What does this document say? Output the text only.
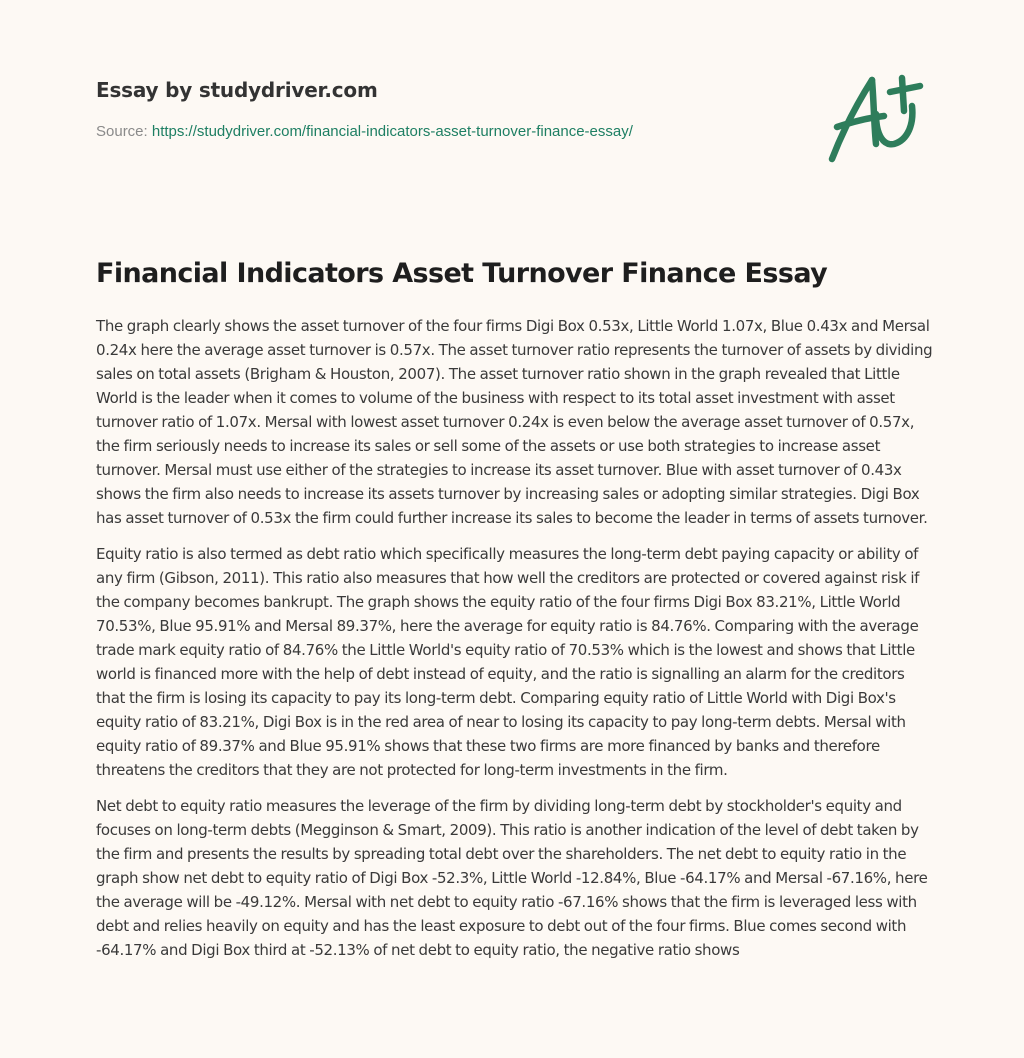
Essay by studydriver.com
Source: https://studydriver.com/financial-indicators-asset-turnover-finance-essay/
Financial Indicators Asset Turnover Finance Essay

The graph clearly shows the asset turnover of the four firms Digi Box 0.53x, Little World 1.07x, Blue 0.43x and Mersal 0.24x here the average asset turnover is 0.57x. The asset turnover ratio represents the turnover of assets by dividing sales on total assets (Brigham & Houston, 2007). The asset turnover ratio shown in the graph revealed that Little World is the leader when it comes to volume of the business with respect to its total asset investment with asset turnover ratio of 1.07x. Mersal with lowest asset turnover 0.24x is even below the average asset turnover of 0.57x, the firm seriously needs to increase its sales or sell some of the assets or use both strategies to increase asset turnover. Mersal must use either of the strategies to increase its asset turnover. Blue with asset turnover of 0.43x shows the firm also needs to increase its assets turnover by increasing sales or adopting similar strategies. Digi Box has asset turnover of 0.53x the firm could further increase its sales to become the leader in terms of assets turnover.

Equity ratio is also termed as debt ratio which specifically measures the long-term debt paying capacity or ability of any firm (Gibson, 2011). This ratio also measures that how well the creditors are protected or covered against risk if the company becomes bankrupt. The graph shows the equity ratio of the four firms Digi Box 83.21%, Little World 70.53%, Blue 95.91% and Mersal 89.37%, here the average for equity ratio is 84.76%. Comparing with the average trade mark equity ratio of 84.76% the Little World's equity ratio of 70.53% which is the lowest and shows that Little world is financed more with the help of debt instead of equity, and the ratio is signalling an alarm for the creditors that the firm is losing its capacity to pay its long-term debt. Comparing equity ratio of Little World with Digi Box's equity ratio of 83.21%, Digi Box is in the red area of near to losing its capacity to pay long-term debts. Mersal with equity ratio of 89.37% and Blue 95.91% shows that these two firms are more financed by banks and therefore threatens the creditors that they are not protected for long-term investments in the firm.

Net debt to equity ratio measures the leverage of the firm by dividing long-term debt by stockholder's equity and focuses on long-term debts (Megginson & Smart, 2009). This ratio is another indication of the level of debt taken by the firm and presents the results by spreading total debt over the shareholders. The net debt to equity ratio in the graph show net debt to equity ratio of Digi Box -52.3%, Little World -12.84%, Blue -64.17% and Mersal -67.16%, here the average will be -49.12%. Mersal with net debt to equity ratio -67.16% shows that the firm is leveraged less with debt and relies heavily on equity and has the least exposure to debt out of the four firms. Blue comes second with -64.17% and Digi Box third at -52.13% of net debt to equity ratio, the negative ratio shows
